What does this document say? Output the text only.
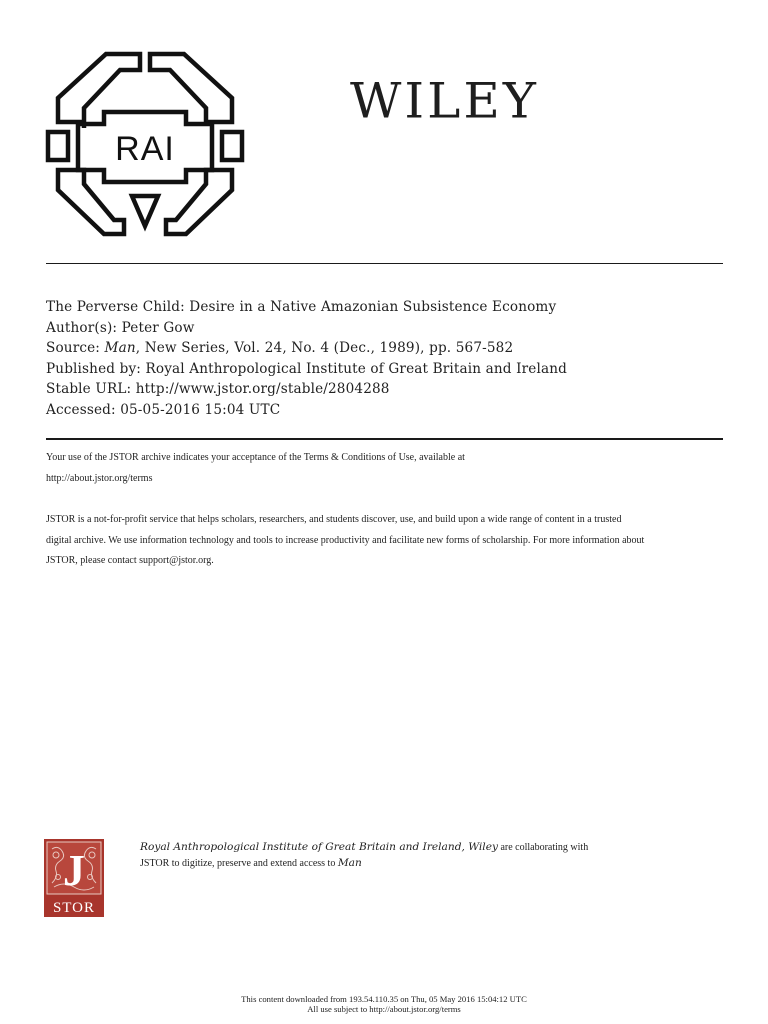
RAI
WILEY
The Perverse Child: Desire in a Native Amazonian Subsistence Economy
Author(s): Peter Gow
Source: Man, New Series, Vol. 24, No. 4 (Dec., 1989), pp. 567-582
Published by: Royal Anthropological Institute of Great Britain and Ireland
Stable URL: http://www.jstor.org/stable/2804288
Accessed: 05-05-2016 15:04 UTC

Your use of the JSTOR archive indicates your acceptance of the Terms & Conditions of Use, available at

http://about.jstor.org/terms

JSTOR is a not-for-profit service that helps scholars, researchers, and students discover, use, and build upon a wide range of content in a trusted

digital archive. We use information technology and tools to increase productivity and facilitate new forms of scholarship. For more information about

JSTOR, please contact support@jstor.org.

J
STOR
Royal Anthropological Institute of Great Britain and Ireland, Wiley are collaborating with
JSTOR to digitize, preserve and extend access to Man
This content downloaded from 193.54.110.35 on Thu, 05 May 2016 15:04:12 UTC
All use subject to http://about.jstor.org/terms
